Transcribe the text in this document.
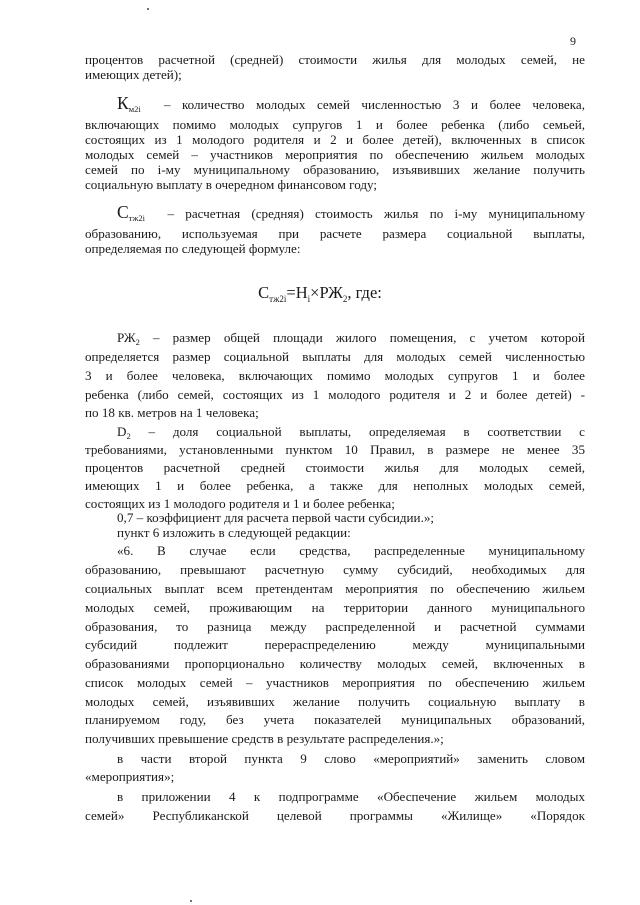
9
процентов расчетной (средней) стоимости жилья для молодых семей, не
имеющих детей);
$К_{м2i}$ – количество молодых семей численностью 3 и более человека,
включающих помимо молодых супругов 1 и более ребенка (либо семьей,
состоящих из 1 молодого родителя и 2 и более детей), включенных в список
молодых семей – участников мероприятия по обеспечению жильем молодых
семей по i-му муниципальному образованию, изъявивших желание получить
социальную выплату в очередном финансовом году;
$С_{тж2i}$ – расчетная (средняя) стоимость жилья по i-му муниципальному
образованию, используемая при расчете размера социальной выплаты,
определяемая по следующей формуле:
$С_{тж2i}=Н_i\times РЖ_2$, где:
$РЖ_2$ – размер общей площади жилого помещения, с учетом которой
определяется размер социальной выплаты для молодых семей численностью
3 и более человека, включающих помимо молодых супругов 1 и более
ребенка (либо семей, состоящих из 1 молодого родителя и 2 и более детей) -
по 18 кв. метров на 1 человека;
$D_2$ – доля социальной выплаты, определяемая в соответствии с
требованиями, установленными пунктом 10 Правил, в размере не менее 35
процентов расчетной средней стоимости жилья для молодых семей,
имеющих 1 и более ребенка, а также для неполных молодых семей,
состоящих из 1 молодого родителя и 1 и более ребенка;
0,7 – коэффициент для расчета первой части субсидии.»;
пункт 6 изложить в следующей редакции:
«6. В случае если средства, распределенные муниципальному
образованию, превышают расчетную сумму субсидий, необходимых для
социальных выплат всем претендентам мероприятия по обеспечению жильем
молодых семей, проживающим на территории данного муниципального
образования, то разница между распределенной и расчетной суммами
субсидий подлежит перераспределению между муниципальными
образованиями пропорционально количеству молодых семей, включенных в
список молодых семей – участников мероприятия по обеспечению жильем
молодых семей, изъявивших желание получить социальную выплату в
планируемом году, без учета показателей муниципальных образований,
получивших превышение средств в результате распределения.»;
в части второй пункта 9 слово «мероприятий» заменить словом
«мероприятия»;
в приложении 4 к подпрограмме «Обеспечение жильем молодых
семей» Республиканской целевой программы «Жилище» «Порядок
